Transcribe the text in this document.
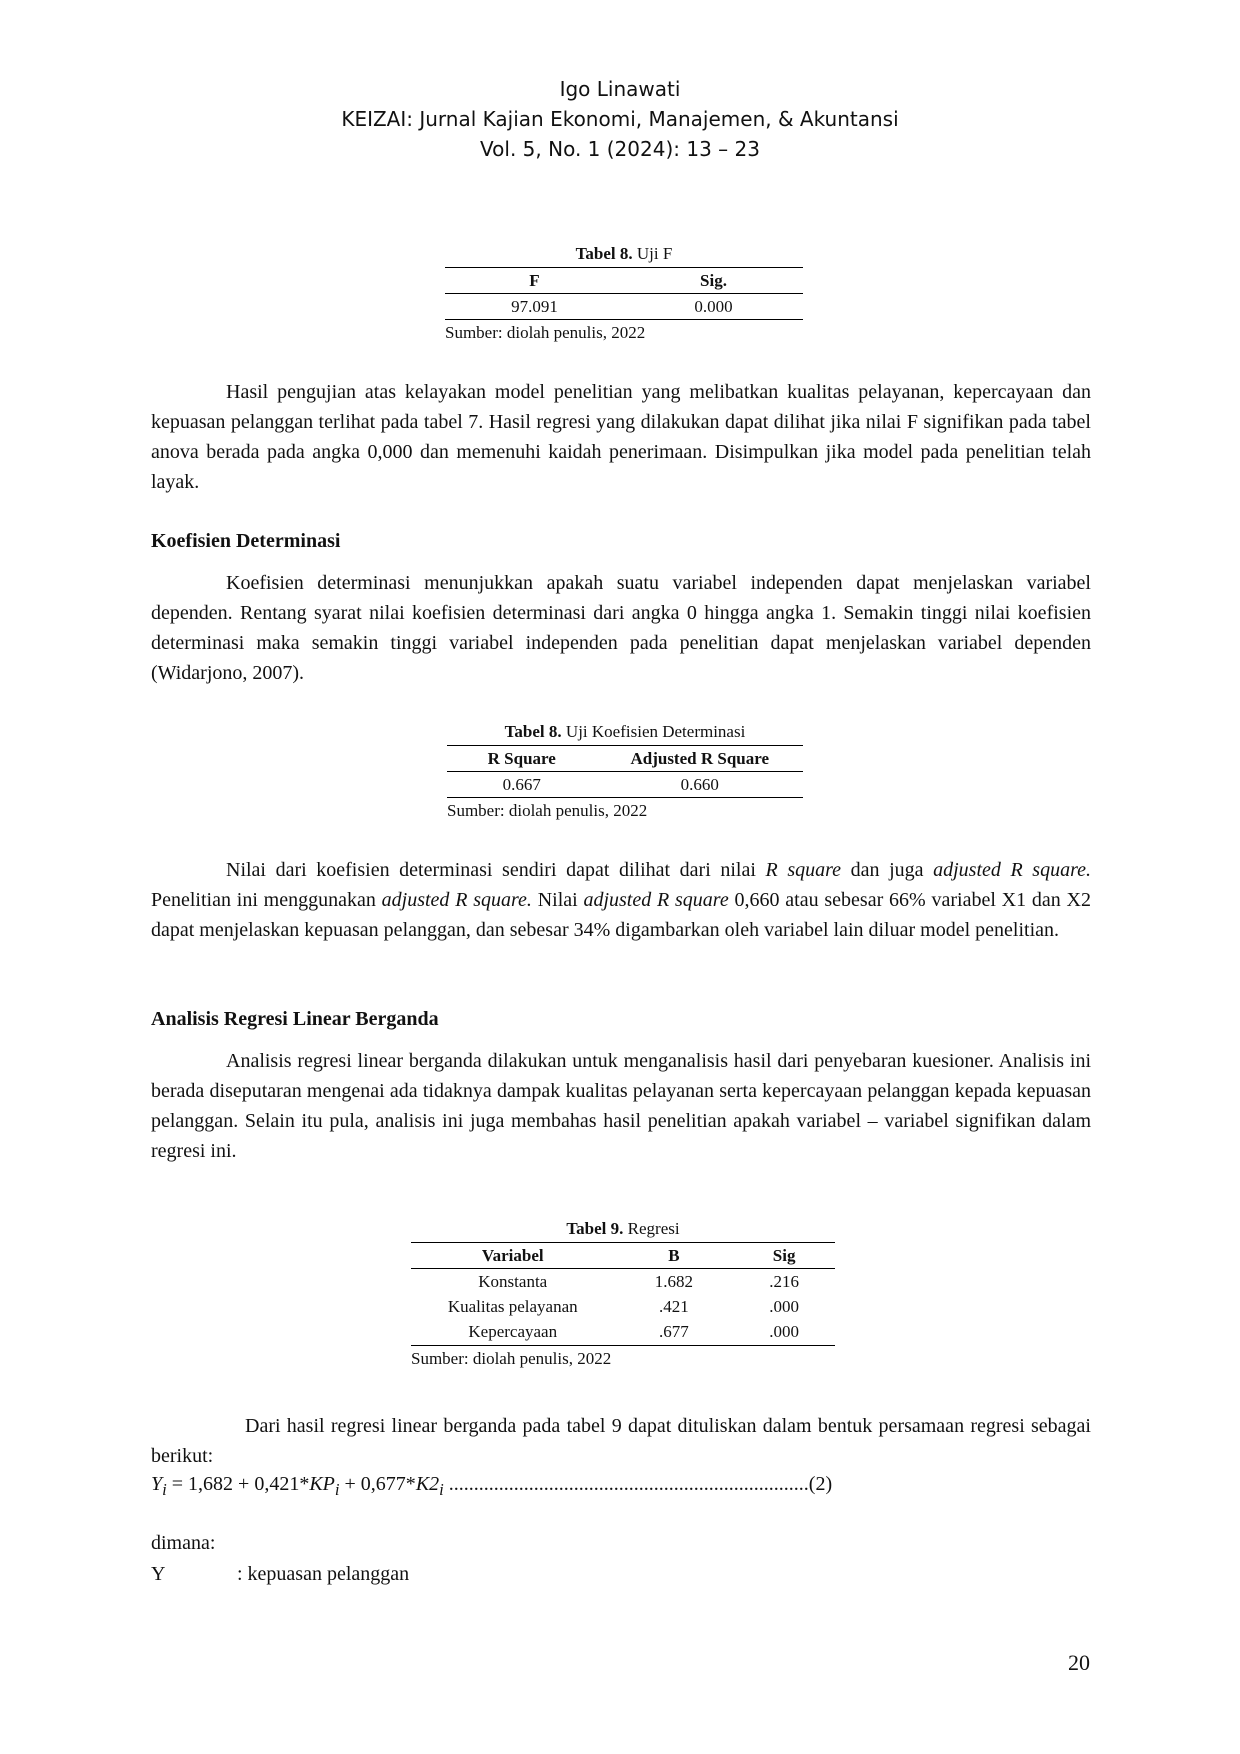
Igo Linawati
KEIZAI: Jurnal Kajian Ekonomi, Manajemen, & Akuntansi
Vol. 5, No. 1 (2024): 13 – 23
Tabel 8. Uji F
F	Sig.
97.091	0.000
Sumber: diolah penulis, 2022

Hasil pengujian atas kelayakan model penelitian yang melibatkan kualitas pelayanan, kepercayaan dan kepuasan pelanggan terlihat pada tabel 7. Hasil regresi yang dilakukan dapat dilihat jika nilai F signifikan pada tabel anova berada pada angka 0,000 dan memenuhi kaidah penerimaan. Disimpulkan jika model pada penelitian telah layak.

Koefisien Determinasi

Koefisien determinasi menunjukkan apakah suatu variabel independen dapat menjelaskan variabel dependen. Rentang syarat nilai koefisien determinasi dari angka 0 hingga angka 1. Semakin tinggi nilai koefisien determinasi maka semakin tinggi variabel independen pada penelitian dapat menjelaskan variabel dependen (Widarjono, 2007).

Tabel 8. Uji Koefisien Determinasi
R Square	Adjusted R Square
0.667	0.660
Sumber: diolah penulis, 2022

Nilai dari koefisien determinasi sendiri dapat dilihat dari nilai R square dan juga adjusted R square. Penelitian ini menggunakan adjusted R square. Nilai adjusted R square 0,660 atau sebesar 66% variabel X1 dan X2 dapat menjelaskan kepuasan pelanggan, dan sebesar 34% digambarkan oleh variabel lain diluar model penelitian.

Analisis Regresi Linear Berganda

Analisis regresi linear berganda dilakukan untuk menganalisis hasil dari penyebaran kuesioner. Analisis ini berada diseputaran mengenai ada tidaknya dampak kualitas pelayanan serta kepercayaan pelanggan kepada kepuasan pelanggan. Selain itu pula, analisis ini juga membahas hasil penelitian apakah variabel – variabel signifikan dalam regresi ini.

Tabel 9. Regresi
Variabel	B	Sig
Konstanta	1.682	.216
Kualitas pelayanan	.421	.000
Kepercayaan	.677	.000
Sumber: diolah penulis, 2022

Dari hasil regresi linear berganda pada tabel 9 dapat dituliskan dalam bentuk persamaan regresi sebagai berikut:

$Y_i = 1,682 + 0,421*KP_i + 0,677*K2_i$ ........................................................................(2)
dimana:
Y	: kepuasan pelanggan
20
